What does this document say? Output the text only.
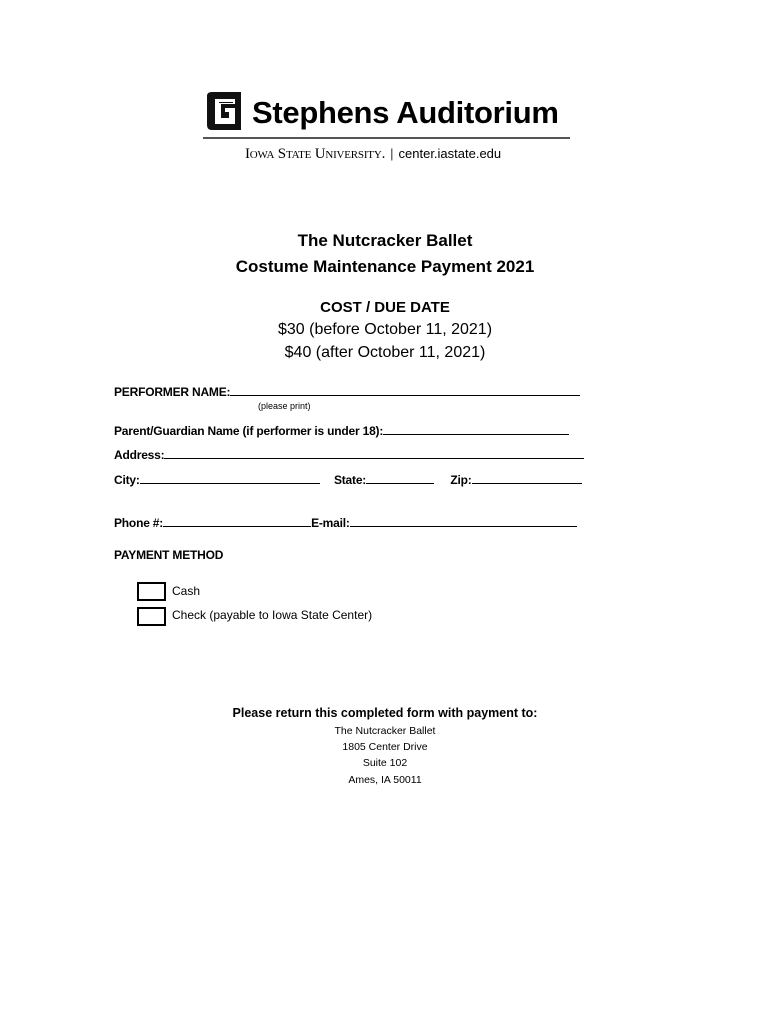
Stephens Auditorium
Iowa State University. | center.iastate.edu
The Nutcracker Ballet
Costume Maintenance Payment 2021
COST / DUE DATE
$30 (before October 11, 2021)
$40 (after October 11, 2021)
PERFORMER NAME:
(please print)
Parent/Guardian Name (if performer is under 18):
Address:
City:	State:	Zip:
Phone #:	E-mail:
PAYMENT METHOD
Cash
Check (payable to Iowa State Center)
Please return this completed form with payment to:
The Nutcracker Ballet
1805 Center Drive
Suite 102
Ames, IA 50011
